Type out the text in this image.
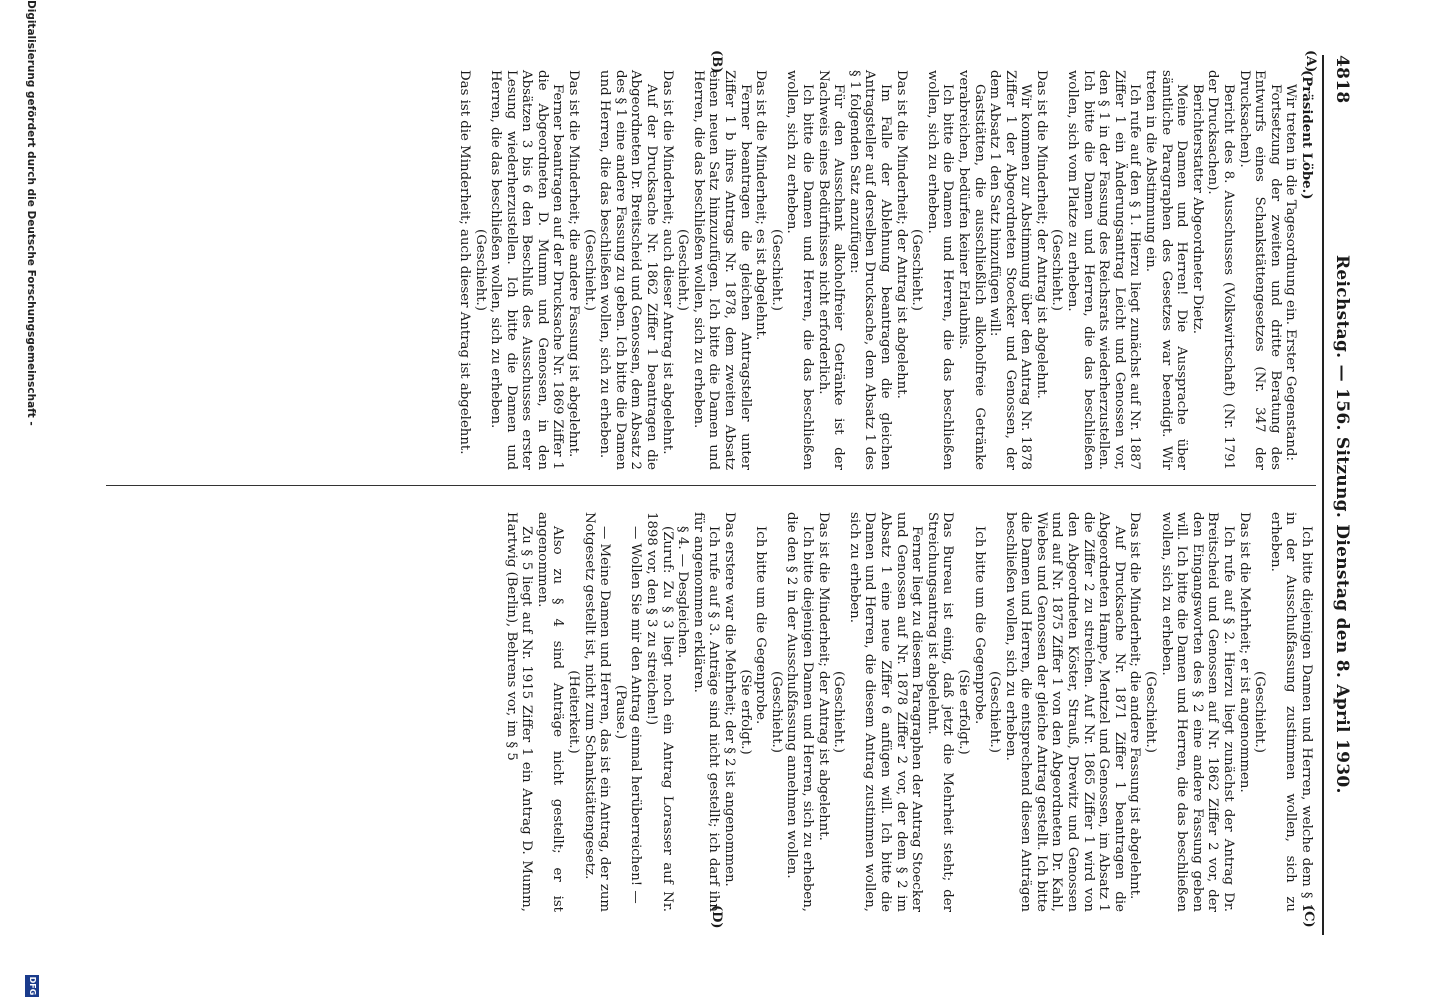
4818
Reichstag. — 156. Sitzung. Dienstag den 8. April 1930.
(A)
(B)
(C)
(D)

(Präsident Löbe.)

Wir treten in die Tagesordnung ein. Erster Gegenstand:

Fortsetzung der zweiten und dritte Beratung des Entwurfs eines Schankstättengesetzes (Nr. 347 der Drucksachen).

Bericht des 8. Ausschusses (Volkswirtschaft) (Nr. 1791 der Drucksachen).

Berichterstatter Abgeordneter Dietz.

Meine Damen und Herren! Die Aussprache über sämtliche Paragraphen des Gesetzes war beendigt. Wir treten in die Abstimmung ein.

Ich rufe auf den § 1. Hierzu liegt zunächst auf Nr. 1887 Ziffer 1 ein Änderungsantrag Leicht und Genossen vor, den § 1 in der Fassung des Reichsrats wiederherzustellen. Ich bitte die Damen und Herren, die das beschließen wollen, sich vom Platze zu erheben.

(Geschieht.)

Das ist die Minderheit; der Antrag ist abgelehnt.

Wir kommen zur Abstimmung über den Antrag Nr. 1878 Ziffer 1 der Abgeordneten Stoecker und Genossen, der dem Absatz 1 den Satz hinzufügen will:

Gaststätten, die ausschließlich alkoholfreie Getränke verabreichen, bedürfen keiner Erlaubnis.

Ich bitte die Damen und Herren, die das beschließen wollen, sich zu erheben.

(Geschieht.)

Das ist die Minderheit; der Antrag ist abgelehnt.

Im Falle der Ablehnung beantragen die gleichen Antragsteller auf derselben Drucksache, dem Absatz 1 des § 1 folgenden Satz anzufügen:

Für den Ausschank alkoholfreier Getränke ist der Nachweis eines Bedürfnisses nicht erforderlich.

Ich bitte die Damen und Herren, die das beschließen wollen, sich zu erheben.

(Geschieht.)

Das ist die Minderheit; es ist abgelehnt.

Ferner beantragen die gleichen Antragsteller unter Ziffer 1 b ihres Antrags Nr. 1878, dem zweiten Absatz einen neuen Satz hinzuzufügen. Ich bitte die Damen und Herren, die das beschließen wollen, sich zu erheben.

(Geschieht.)

Das ist die Minderheit; auch dieser Antrag ist abgelehnt.

Auf der Drucksache Nr. 1862 Ziffer 1 beantragen die Abgeordneten Dr. Breitscheid und Genossen, dem Absatz 2 des § 1 eine andere Fassung zu geben. Ich bitte die Damen und Herren, die das beschließen wollen, sich zu erheben.

(Geschieht.)

Das ist die Minderheit; die andere Fassung ist abgelehnt.

Ferner beantragen auf der Drucksache Nr. 1869 Ziffer 1 die Abgeordneten D. Mumm und Genossen, in den Absätzen 3 bis 6 den Beschluß des Ausschusses erster Lesung wiederherzustellen. Ich bitte die Damen und Herren, die das beschließen wollen, sich zu erheben.

(Geschieht.)

Das ist die Minderheit; auch dieser Antrag ist abgelehnt.

Ich bitte diejenigen Damen und Herren, welche dem § 1 in der Ausschußfassung zustimmen wollen, sich zu erheben.

(Geschieht.)

Das ist die Mehrheit; er ist angenommen.

Ich rufe auf § 2. Hierzu liegt zunächst der Antrag Dr. Breitscheid und Genossen auf Nr. 1862 Ziffer 2 vor, der den Eingangsworten des § 2 eine andere Fassung geben will. Ich bitte die Damen und Herren, die das beschließen wollen, sich zu erheben.

(Geschieht.)

Das ist die Minderheit; die andere Fassung ist abgelehnt.

Auf Drucksache Nr. 1871 Ziffer 1 beantragen die Abgeordneten Hampe, Mentzel und Genossen, im Absatz 1 die Ziffer 2 zu streichen. Auf Nr. 1865 Ziffer 1 wird von den Abgeordneten Köster, Strauß, Drewitz und Genossen und auf Nr. 1875 Ziffer 1 von den Abgeordneten Dr. Kahl, Wiebes und Genossen der gleiche Antrag gestellt. Ich bitte die Damen und Herren, die entsprechend diesen Anträgen beschließen wollen, sich zu erheben.

(Geschieht.)

Ich bitte um die Gegenprobe.

(Sie erfolgt.)

Das Bureau ist einig, daß jetzt die Mehrheit steht; der Streichungsantrag ist abgelehnt.

Ferner liegt zu diesem Paragraphen der Antrag Stoecker und Genossen auf Nr. 1878 Ziffer 2 vor, der dem § 2 im Absatz 1 eine neue Ziffer 6 anfügen will. Ich bitte die Damen und Herren, die diesem Antrag zustimmen wollen, sich zu erheben.

(Geschieht.)

Das ist die Minderheit; der Antrag ist abgelehnt.

Ich bitte diejenigen Damen und Herren, sich zu erheben, die den § 2 in der Ausschußfassung annehmen wollen.

(Geschieht.)

Ich bitte um die Gegenprobe.

(Sie erfolgt.)

Das erstere war die Mehrheit; der § 2 ist angenommen.

Ich rufe auf § 3. Anträge sind nicht gestellt; ich darf ihn für angenommen erklären.

§ 4. — Desgleichen.

(Zuruf: Zu § 3 liegt noch ein Antrag Lorasser auf Nr. 1898 vor, den § 3 zu streichen!)

— Wollen Sie mir den Antrag einmal herüberreichen! —

(Pause.)

— Meine Damen und Herren, das ist ein Antrag, der zum Notgesetz gestellt ist, nicht zum Schankstättengesetz.

(Heiterkeit.)

Also zu § 4 sind Anträge nicht gestellt; er ist angenommen.

Zu § 5 liegt auf Nr. 1915 Ziffer 1 ein Antrag D. Mumm, Hartwig (Berlin), Behrens vor, im § 5

Digitalisierung gefördert durch die Deutsche Forschungsgemeinschaft -
DFG
